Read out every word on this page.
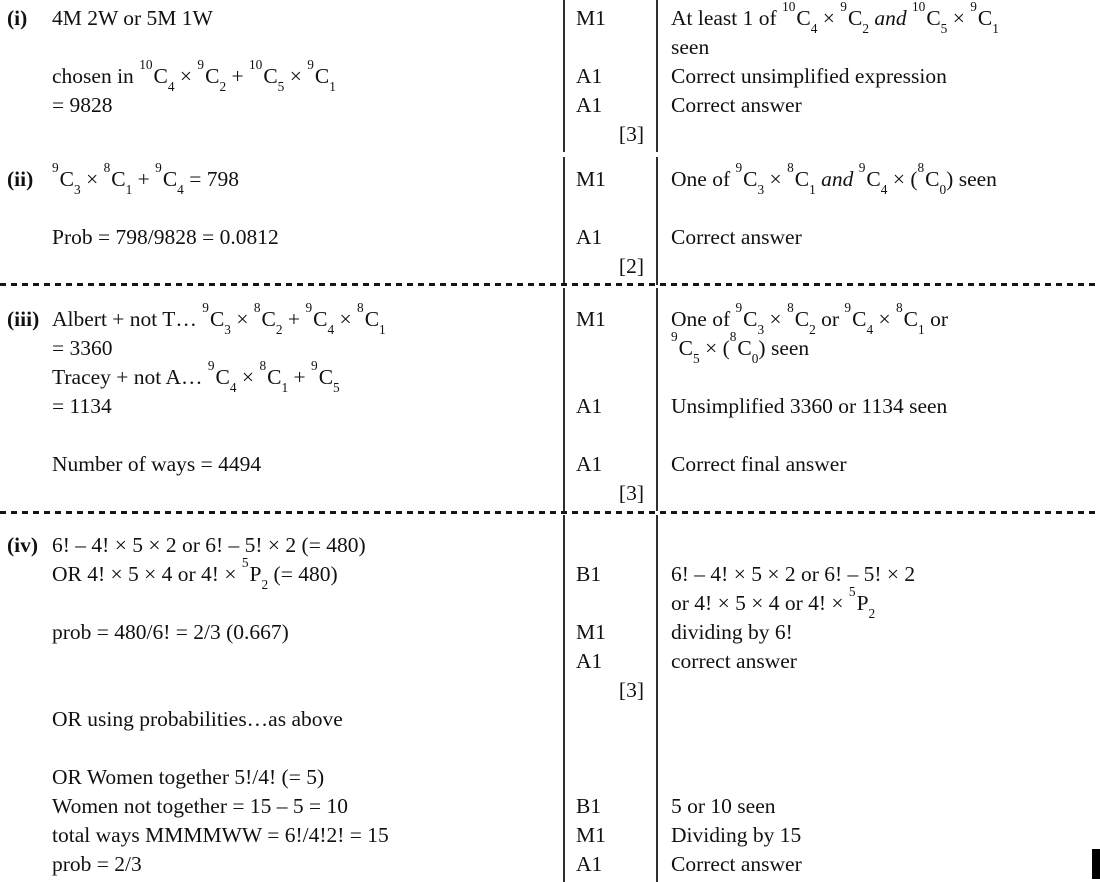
(i)	4M 2W or 5M 1W
chosen in $^{10}C_4 \times ^9C_2 + ^{10}C_5 \times ^9C_1$
= 9828
M1
A1
A1
[3]
At least 1 of $^{10}C_4 \times ^9C_2$ and $^{10}C_5 \times ^9C_1$
seen
Correct unsimplified expression
Correct answer
(ii)	$^9C_3 \times ^8C_1 + ^9C_4 = 798$
Prob = 798/9828 = 0.0812
M1
A1
[2]
One of $^9C_3 \times ^8C_1$ and $^9C_4 \times (^8C_0)$ seen
Correct answer
(iii) Albert + not T… $^9C_3 \times ^8C_2 + ^9C_4 \times ^8C_1$
= 3360
Tracey + not A… $^9C_4 \times ^8C_1 + ^9C_5$
= 1134
Number of ways = 4494
M1
A1
A1
[3]
One of $^9C_3 \times ^8C_2$ or $^9C_4 \times ^8C_1$ or
$^9C_5 \times (^8C_0)$ seen
Unsimplified 3360 or 1134 seen
Correct final answer
(iv) 6! – 4! × 5 × 2 or 6! – 5! × 2 (= 480)
OR 4! × 5 × 4 or 4! × $^5P_2$ (= 480)
prob = 480/6! = 2/3 (0.667)
OR using probabilities…as above
OR Women together 5!/4! (= 5)
Women not together = 15 – 5 = 10
total ways MMMMWW = 6!/4!2! = 15
prob = 2/3
B1
M1
A1
[3]
B1
M1
A1
6! – 4! × 5 × 2 or 6! – 5! × 2
or 4! × 5 × 4 or 4! × $^5P_2$
dividing by 6!
correct answer
5 or 10 seen
Dividing by 15
Correct answer
